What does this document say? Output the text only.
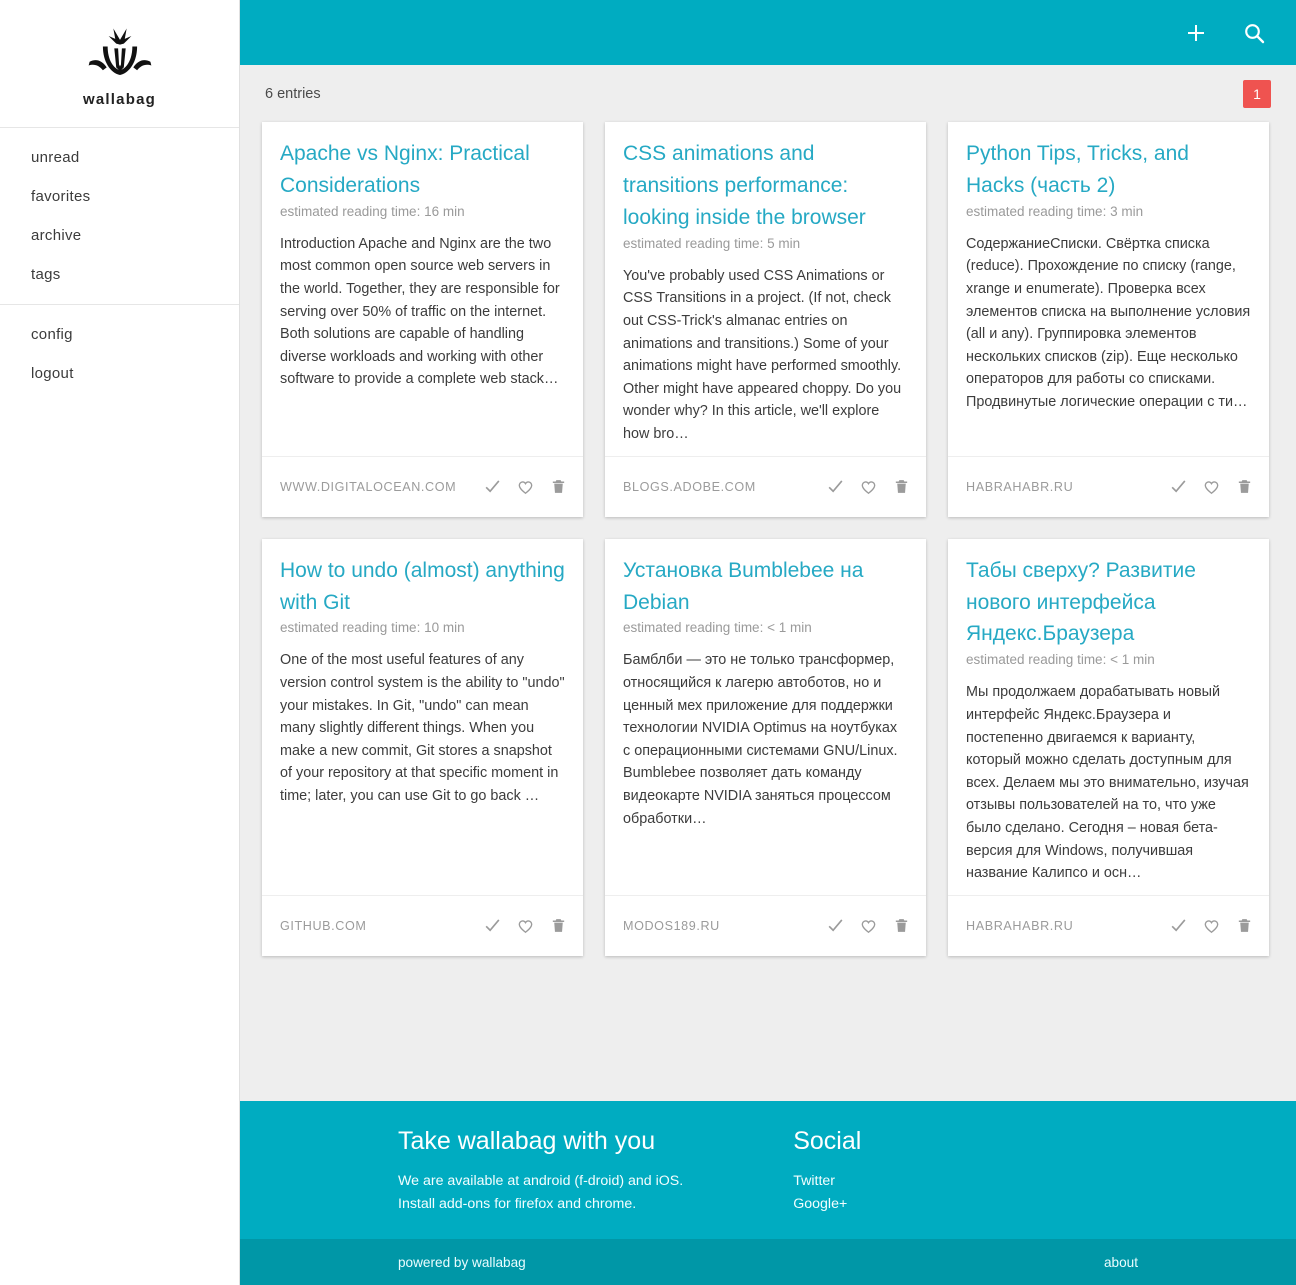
wallabag
unread
favorites
archive
tags
config
logout
6 entries	1
Apache vs Nginx: Practical Considerations
estimated reading time: 16 min
Introduction Apache and Nginx are the two most common open source web servers in the world. Together, they are responsible for serving over 50% of traffic on the internet. Both solutions are capable of handling diverse workloads and working with other software to provide a complete web stack…
WWW.DIGITALOCEAN.COM
CSS animations and transitions performance: looking inside the browser
estimated reading time: 5 min
You've probably used CSS Animations or CSS Transitions in a project. (If not, check out CSS-Trick's almanac entries on animations and transitions.) Some of your animations might have performed smoothly. Other might have appeared choppy. Do you wonder why? In this article, we'll explore how bro…
BLOGS.ADOBE.COM
Python Tips, Tricks, and Hacks (часть 2)
estimated reading time: 3 min
СодержаниеСписки. Свёртка списка (reduce). Прохождение по списку (range, xrange и enumerate). Проверка всех элементов списка на выполнение условия (all и any). Группировка элементов нескольких списков (zip). Еще несколько операторов для работы со списками. Продвинутые логические операции с ти…
HABRAHABR.RU
How to undo (almost) anything with Git
estimated reading time: 10 min
One of the most useful features of any version control system is the ability to "undo" your mistakes. In Git, "undo" can mean many slightly different things. When you make a new commit, Git stores a snapshot of your repository at that specific moment in time; later, you can use Git to go back …
GITHUB.COM
Установка Bumblebee на Debian
estimated reading time: < 1 min
Бамблби — это не только трансформер, относящийся к лагерю автоботов, но и ценный мех приложение для поддержки технологии NVIDIA Optimus на ноутбуках с операционными системами GNU/Linux. Bumblebee позволяет дать команду видеокарте NVIDIA заняться процессом обработки…
MODOS189.RU
Табы сверху? Развитие нового интерфейса Яндекс.Браузера
estimated reading time: < 1 min
Мы продолжаем дорабатывать новый интерфейс Яндекс.Браузера и постепенно двигаемся к варианту, который можно сделать доступным для всех. Делаем мы это внимательно, изучая отзывы пользователей на то, что уже было сделано. Сегодня – новая бета-версия для Windows, получившая название Калипсо и осн…
HABRAHABR.RU
Take wallabag with you
We are available at android (f-droid) and iOS.
Install add-ons for firefox and chrome.
Social
Twitter
Google+
powered by wallabag	about
